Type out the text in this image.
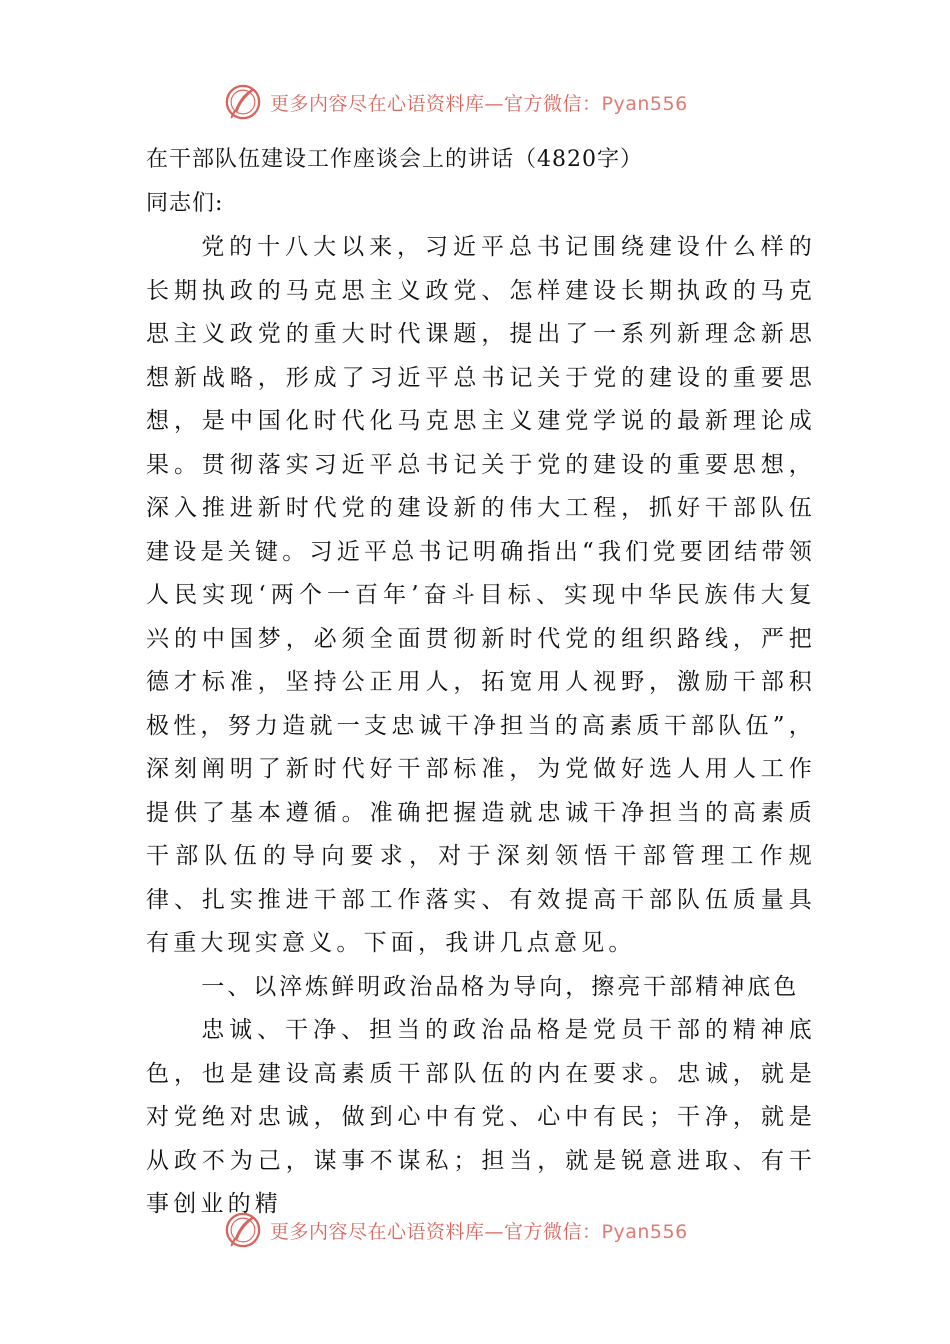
更多内容尽在心语资料库—官方微信：Pyan556
在干部队伍建设工作座谈会上的讲话（4820字）
同志们:

党的十八大以来，习近平总书记围绕建设什么样的长期执政的马克思主义政党、怎样建设长期执政的马克思主义政党的重大时代课题，提出了一系列新理念新思想新战略，形成了习近平总书记关于党的建设的重要思想，是中国化时代化马克思主义建党学说的最新理论成果。贯彻落实习近平总书记关于党的建设的重要思想，深入推进新时代党的建设新的伟大工程，抓好干部队伍建设是关键。习近平总书记明确指出“我们党要团结带领人民实现‘两个一百年’奋斗目标、实现中华民族伟大复兴的中国梦，必须全面贯彻新时代党的组织路线，严把德才标准，坚持公正用人，拓宽用人视野，激励干部积极性，努力造就一支忠诚干净担当的高素质干部队伍”，深刻阐明了新时代好干部标准，为党做好选人用人工作提供了基本遵循。准确把握造就忠诚干净担当的高素质干部队伍的导向要求，对于深刻领悟干部管理工作规律、扎实推进干部工作落实、有效提高干部队伍质量具有重大现实意义。下面，我讲几点意见。

一、以淬炼鲜明政治品格为导向，擦亮干部精神底色

忠诚、干净、担当的政治品格是党员干部的精神底色，也是建设高素质干部队伍的内在要求。忠诚，就是对党绝对忠诚，做到心中有党、心中有民；干净，就是从政不为己，谋事不谋私；担当，就是锐意进取、有干事创业的精

更多内容尽在心语资料库—官方微信：Pyan556
